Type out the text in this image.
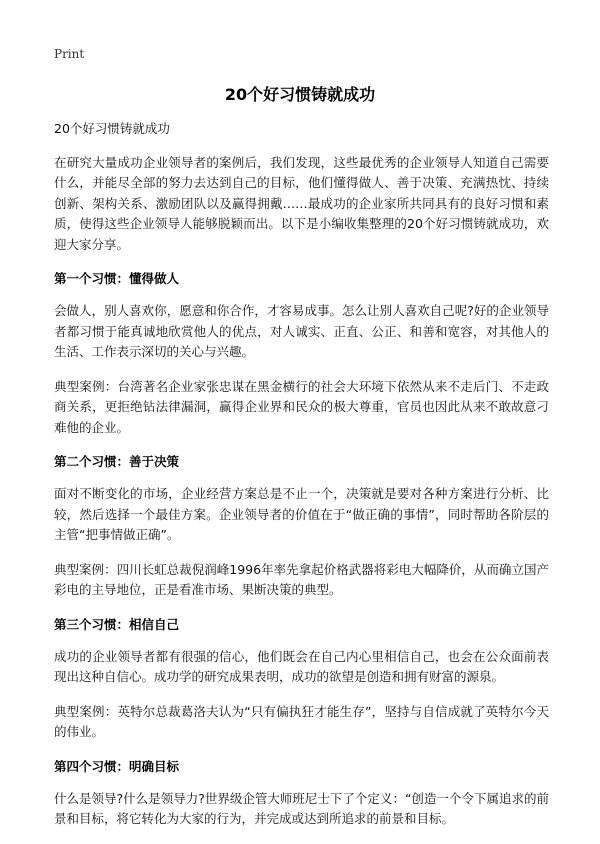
Print
20个好习惯铸就成功

20个好习惯铸就成功

在研究大量成功企业领导者的案例后，我们发现，这些最优秀的企业领导人知道自己需要什么，并能尽全部的努力去达到自己的目标，他们懂得做人、善于决策、充满热忱、持续创新、架构关系、激励团队以及赢得拥戴……最成功的企业家所共同具有的良好习惯和素质，使得这些企业领导人能够脱颖而出。以下是小编收集整理的20个好习惯铸就成功，欢迎大家分享。

第一个习惯：懂得做人

会做人，别人喜欢你，愿意和你合作，才容易成事。怎么让别人喜欢自己呢?好的企业领导者都习惯于能真诚地欣赏他人的优点，对人诚实、正直、公正、和善和宽容，对其他人的生活、工作表示深切的关心与兴趣。

典型案例：台湾著名企业家张忠谋在黑金横行的社会大环境下依然从来不走后门、不走政商关系，更拒绝钻法律漏洞，赢得企业界和民众的极大尊重，官员也因此从来不敢故意刁难他的企业。

第二个习惯：善于决策

面对不断变化的市场，企业经营方案总是不止一个，决策就是要对各种方案进行分析、比较，然后选择一个最佳方案。企业领导者的价值在于“做正确的事情”，同时帮助各阶层的主管“把事情做正确”。

典型案例：四川长虹总裁倪润峰1996年率先拿起价格武器将彩电大幅降价，从而确立国产彩电的主导地位，正是看准市场、果断决策的典型。

第三个习惯：相信自己

成功的企业领导者都有很强的信心，他们既会在自己内心里相信自己，也会在公众面前表现出这种自信心。成功学的研究成果表明，成功的欲望是创造和拥有财富的源泉。

典型案例：英特尔总裁葛洛夫认为“只有偏执狂才能生存”，坚持与自信成就了英特尔今天的伟业。

第四个习惯：明确目标

什么是领导?什么是领导力?世界级企管大师班尼士下了个定义：“创造一个令下属追求的前景和目标，将它转化为大家的行为，并完成或达到所追求的前景和目标。
